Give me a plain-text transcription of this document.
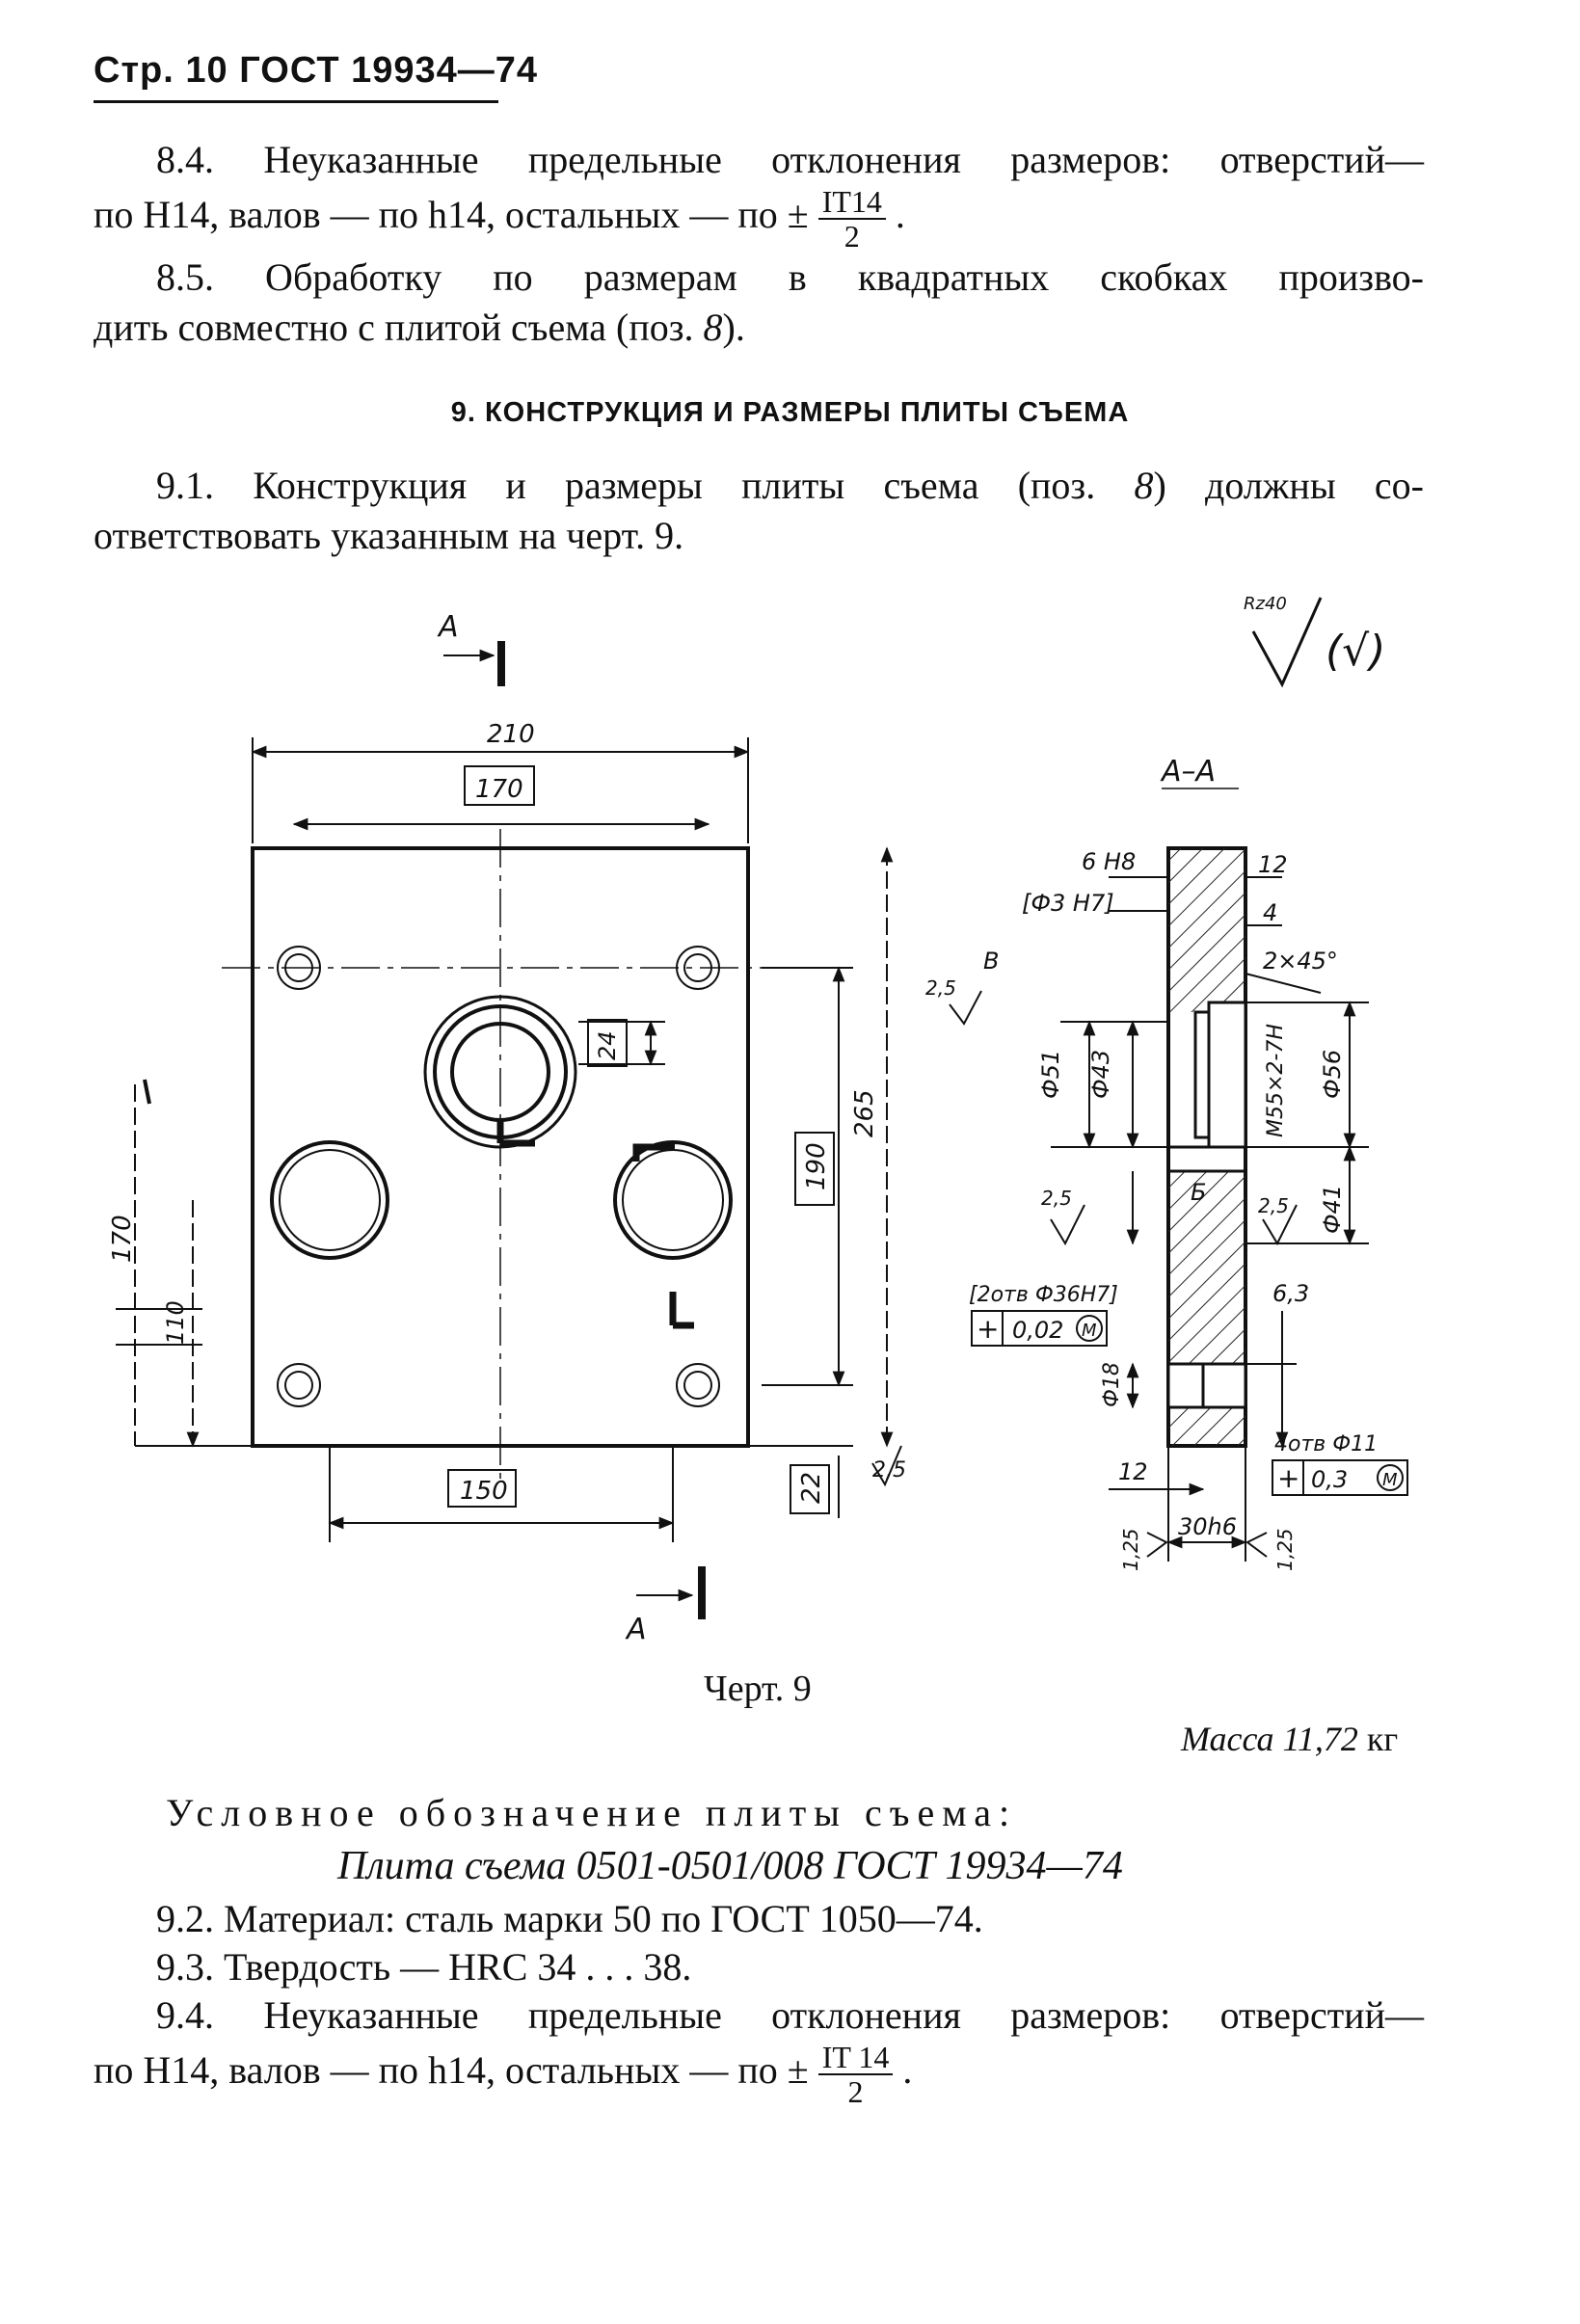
Стр. 10 ГОСТ 19934—74
8.4. Неуказанные предельные отклонения размеров: отверстий—
по H14, валов — по h14, остальных — по ± $\frac{IT14}{2}$ .
8.5. Обработку по размерам в квадратных скобках произво-
дить совместно с плитой съема (поз. 8).
9. КОНСТРУКЦИЯ И РАЗМЕРЫ ПЛИТЫ СЪЕМА
9.1. Конструкция и размеры плиты съема (поз. 8) должны со-
ответствовать указанным на черт. 9.
А
А
А–А
Rz40
(√)
210
170
24
190
265
150	22
2,5
170
110
6 H8
[Ф3 H7]
12
4
2×45°
В
2,5
Ф51 Ф43	M55×2-7H Ф56
Б
2,5	2,5 Ф41
[2отв Ф36H7]
+ 0,02 M
6,3
Ф18
4отв Ф11
+ 0,3 M
12
30h6
1,25	1,25
Черт. 9
Масса 11,72 кг
Условное обозначение плиты съема:
Плита съема 0501-0501/008 ГОСТ 19934—74
9.2. Материал: сталь марки 50 по ГОСТ 1050—74.
9.3. Твердость — HRC 34 . . . 38.
9.4. Неуказанные предельные отклонения размеров: отверстий—
по H14, валов — по h14, остальных — по ± $\frac{IT 14}{2}$ .
